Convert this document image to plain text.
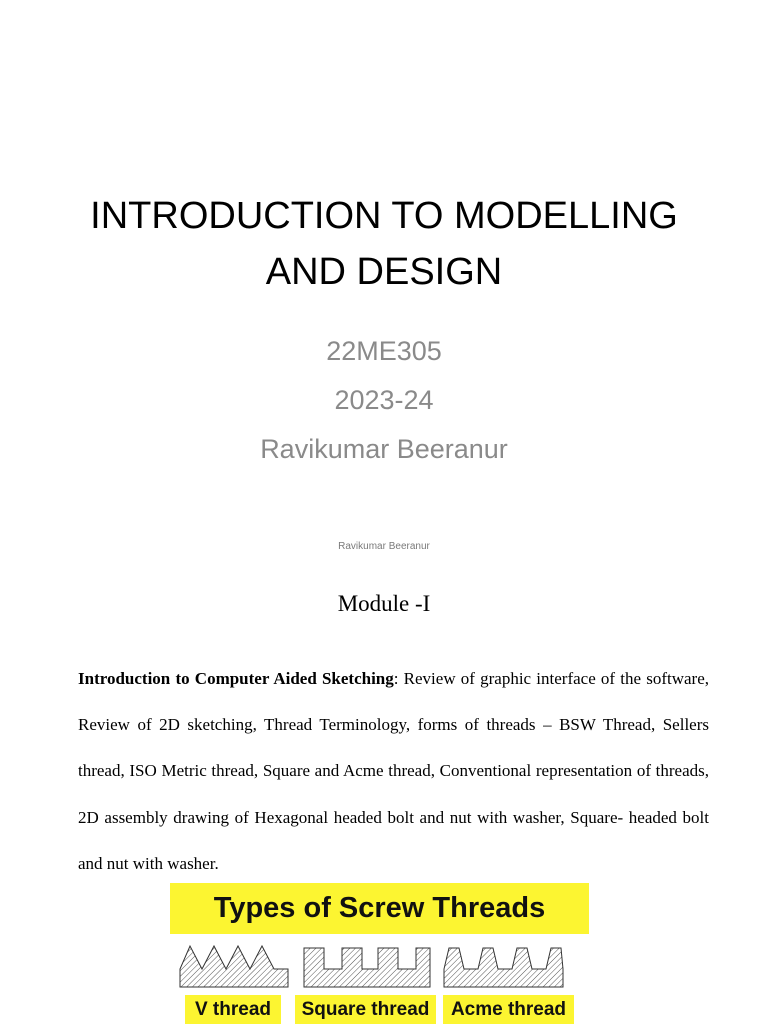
INTRODUCTION TO MODELLING
AND DESIGN
22ME305
2023-24
Ravikumar Beeranur
Ravikumar Beeranur
Module -I
Introduction to Computer Aided Sketching: Review of graphic interface of the software, Review of 2D sketching, Thread Terminology, forms of threads – BSW Thread, Sellers thread, ISO Metric thread, Square and Acme thread, Conventional representation of threads, 2D assembly drawing of Hexagonal headed bolt and nut with washer, Square- headed bolt and nut with washer.
Types of Screw Threads
V thread	Square thread	Acme thread
